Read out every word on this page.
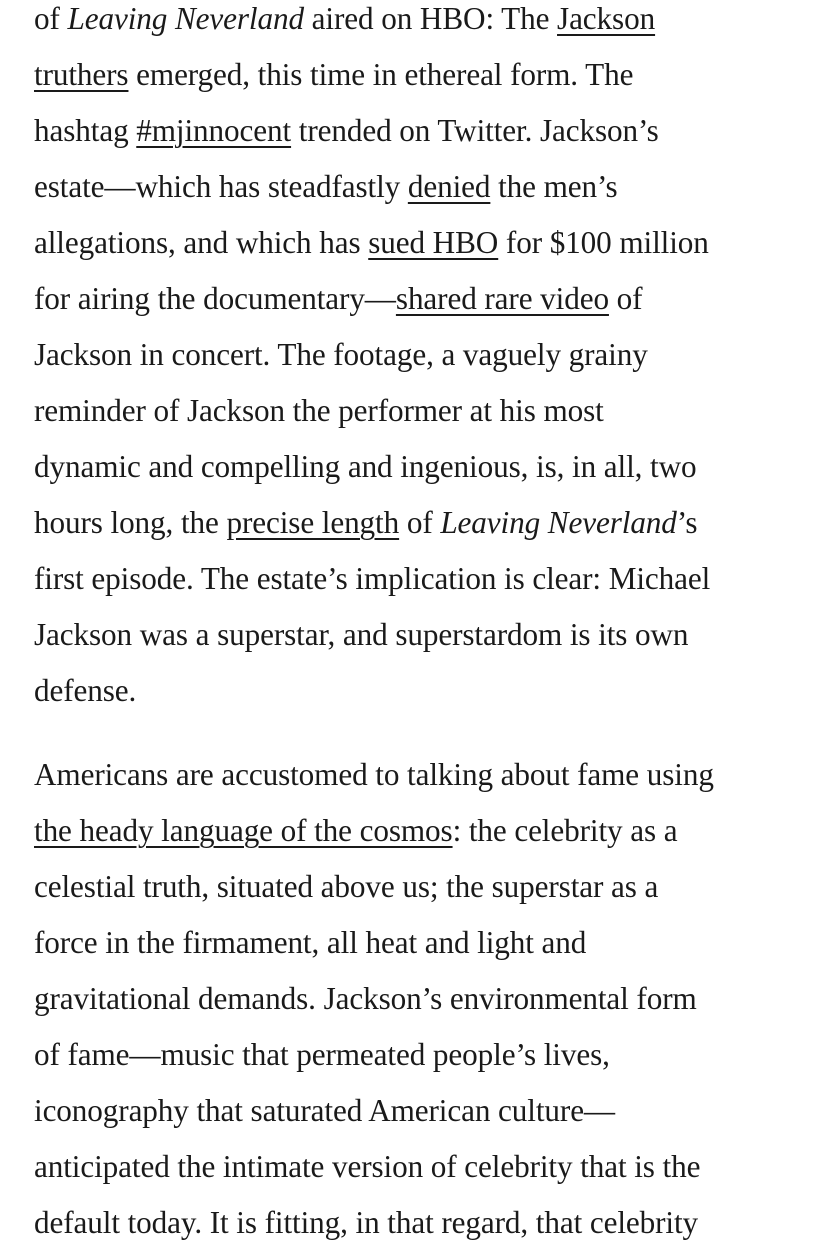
of Leaving Neverland aired on HBO: The Jackson
truthers emerged, this time in ethereal form. The
hashtag #mjinnocent trended on Twitter. Jackson’s
estate—which has steadfastly denied the men’s
allegations, and which has sued HBO for $100 million
for airing the documentary—shared rare video of
Jackson in concert. The footage, a vaguely grainy
reminder of Jackson the performer at his most
dynamic and compelling and ingenious, is, in all, two
hours long, the precise length of Leaving Neverland’s
first episode. The estate’s implication is clear: Michael
Jackson was a superstar, and superstardom is its own
defense.
Americans are accustomed to talking about fame using
the heady language of the cosmos: the celebrity as a
celestial truth, situated above us; the superstar as a
force in the firmament, all heat and light and
gravitational demands. Jackson’s environmental form
of fame—music that permeated people’s lives,
iconography that saturated American culture—
anticipated the intimate version of celebrity that is the
default today. It is fitting, in that regard, that celebrity
